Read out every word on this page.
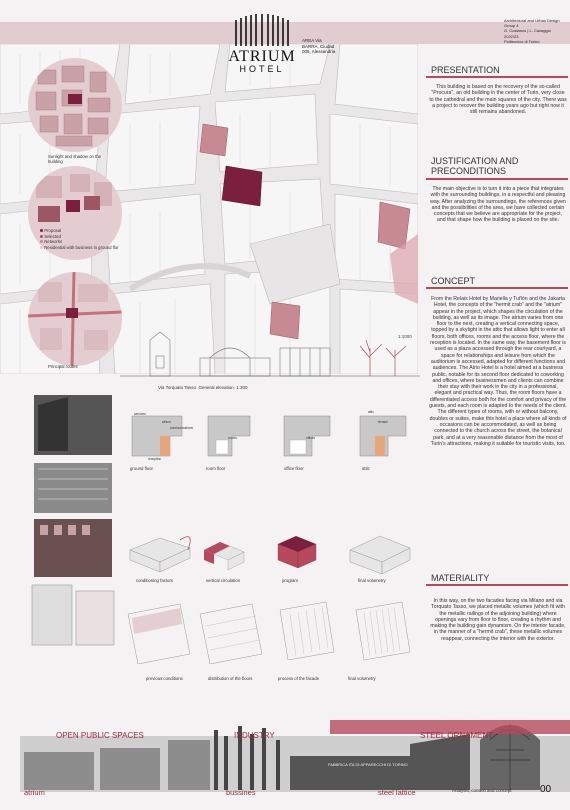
1:1000
ATRIUM
HOTEL
AREA Via
BARRA, Ciudad
005, Alessandria
Architectural and Urban Design
Group 4
G. Costanzo | L. Cavaggio
2022/23
Politecnico di Torino
Sunlight and shadow on the building
Proposal
Selected
Networks
Residential with business in ground flor
Principal routes
Via Torquato Tasso. General elevation. 1:300
ground floor	room floor	office floor	attic
services
atrium
communications
reception
rooms	offices
attic
terrace
conditioning factors	vertical circulation	program	final volumetry
previous conditions	distribution of the floors	process of the facade	final volumetry
PRESENTATION
This building is based on the recovery of the so-called "Procura", an old building in the center of Turin, very close to the cathedral and the main squares of the city. There was a project to recover the building years ago but right now it still remains abandoned.
JUSTIFICATION AND PRECONDITIONS
The main objective is to turn it into a piece that integrates with the surrounding buildings, in a respectful and pleasing way. After analyzing the surroundings, the references given and the possibilities of the area, we have collected certain concepts that we believe are appropriate for the project, and that shape how the building is placed on the site.
CONCEPT
From the Relais Hotel by Mariella y Tuñón and the Jakarta Hotel, the concepts of the "hermit crab" and the "atrium" appear in the project, which shapes the circulation of the building, as well as its image. The atrium varies from one floor to the next, creating a vertical connecting space, topped by a skylight in the attic that allows light to enter all floors, both offices, rooms and the access floor, where the reception is located. In the same way, the basement floor is used as a plaza accessed through the rear courtyard, a space for relationships and leisure from which the auditorium is accessed, adapted for different functions and audiences. The Atrio Hotel is a hotel aimed at a business public, notable for its second floor dedicated to coworking and offices, where businessmen and clients can combine their stay with their work in the city in a professional, elegant and practical way. Thus, the room floors have a differentiated access both for the comfort and privacy of the guests, and each room is adapted to the needs of the client. The different types of rooms, with or without balcony, doubles or suites, make this hotel a place where all kinds of occasions can be accommodated, as well as being connected to the church across the street, the botanical park, and at a very reasonable distance from the most of Turin's attractions, making it suitable for touristic visits, too.
MATERIALITY
In this way, on the two facades facing via Milano and via Torquato Tasso, we placed metallic volumes (which fit with the metallic railings of the adjoining building) where openings vary from floor to floor, creating a rhythm and making the building gain dynamism. On the interior facade, in the manner of a "hermit crab", these metallic volumes reappear, connecting the interior with the exterior.
FABBRICA ITA DI APPARECCHI DI TORINO
OPEN PUBLIC SPACES	INDUSTRY	STEEL ORNAMENT
atrium	bussines	steel lattice	Analysis, context and concept	00
